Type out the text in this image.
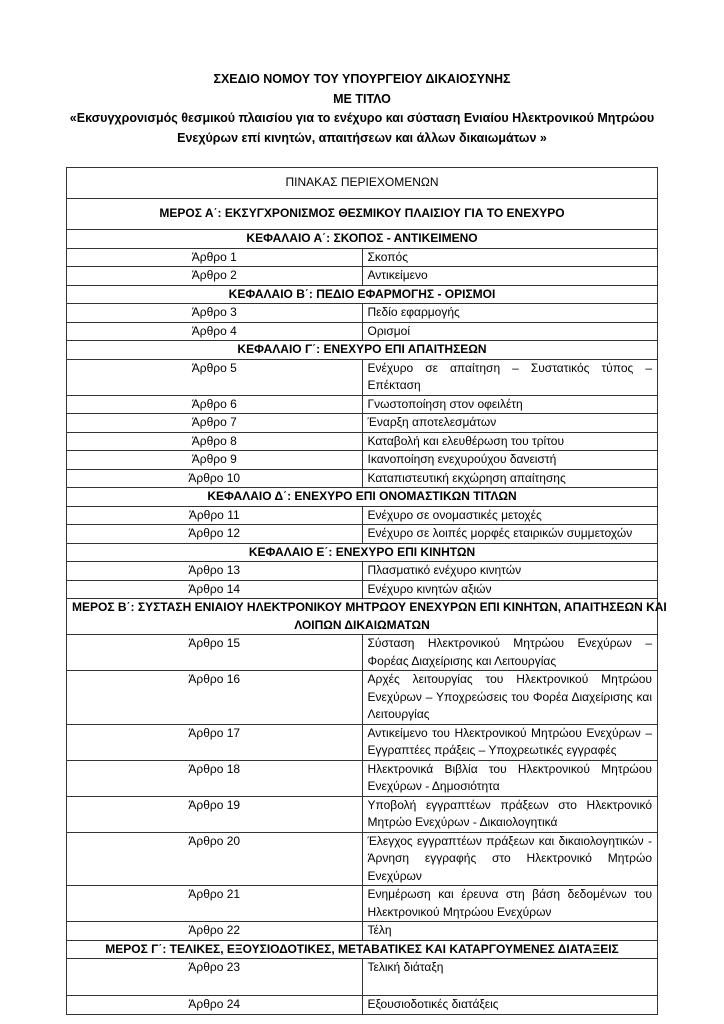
ΣΧΕΔΙΟ ΝΟΜΟΥ ΤΟΥ ΥΠΟΥΡΓΕΙΟΥ ΔΙΚΑΙΟΣΥΝΗΣ
ΜΕ ΤΙΤΛΟ
«Εκσυγχρονισμός θεσμικού πλαισίου για το ενέχυρο και σύσταση Ενιαίου Ηλεκτρονικού Μητρώου
Ενεχύρων επί κινητών, απαιτήσεων και άλλων δικαιωμάτων »
ΠΙΝΑΚΑΣ ΠΕΡΙΕΧΟΜΕΝΩΝ	
ΜΕΡΟΣ Α΄: ΕΚΣΥΓΧΡΟΝΙΣΜΟΣ ΘΕΣΜΙΚΟΥ ΠΛΑΙΣΙΟΥ ΓΙΑ ΤΟ ΕΝΕΧΥΡΟ	
ΚΕΦΑΛΑΙΟ Α΄: ΣΚΟΠΟΣ - ΑΝΤΙΚΕΙΜΕΝΟ	
Άρθρο 1	Σκοπός
Άρθρο 2	Αντικείμενο
ΚΕΦΑΛΑΙΟ Β΄: ΠΕΔΙΟ ΕΦΑΡΜΟΓΗΣ - ΟΡΙΣΜΟΙ	
Άρθρο 3	Πεδίο εφαρμογής
Άρθρο 4	Ορισμοί
ΚΕΦΑΛΑΙΟ Γ΄: ΕΝΕΧΥΡΟ ΕΠΙ ΑΠΑΙΤΗΣΕΩΝ	
Άρθρο 5	Ενέχυρο σε απαίτηση – Συστατικός τύπος – Επέκταση
Άρθρο 6	Γνωστοποίηση στον οφειλέτη
Άρθρο 7	Έναρξη αποτελεσμάτων
Άρθρο 8	Καταβολή και ελευθέρωση του τρίτου
Άρθρο 9	Ικανοποίηση ενεχυρούχου δανειστή
Άρθρο 10	Καταπιστευτική εκχώρηση απαίτησης
ΚΕΦΑΛΑΙΟ Δ΄: ΕΝΕΧΥΡΟ ΕΠΙ ΟΝΟΜΑΣΤΙΚΩΝ ΤΙΤΛΩΝ	
Άρθρο 11	Ενέχυρο σε ονομαστικές μετοχές
Άρθρο 12	Ενέχυρο σε λοιπές μορφές εταιρικών συμμετοχών
ΚΕΦΑΛΑΙΟ Ε΄: ΕΝΕΧΥΡΟ ΕΠΙ ΚΙΝΗΤΩΝ	
Άρθρο 13	Πλασματικό ενέχυρο κινητών
Άρθρο 14	Ενέχυρο κινητών αξιών

ΜΕΡΟΣ Β΄: ΣΥΣΤΑΣΗ ΕΝΙΑΙΟΥ ΗΛΕΚΤΡΟΝΙΚΟΥ ΜΗΤΡΩΟΥ ΕΝΕΧΥΡΩΝ ΕΠΙ ΚΙΝΗΤΩΝ, ΑΠΑΙΤΗΣΕΩΝ ΚΑΙ
ΛΟΙΠΩΝ ΔΙΚΑΙΩΜΑΤΩΝ	

Άρθρο 15	Σύσταση Ηλεκτρονικού Μητρώου Ενεχύρων – Φορέας Διαχείρισης και Λειτουργίας
Άρθρο 16	Αρχές λειτουργίας του Ηλεκτρονικού Μητρώου Ενεχύρων – Υποχρεώσεις του Φορέα Διαχείρισης και Λειτουργίας
Άρθρο 17	Αντικείμενο του Ηλεκτρονικού Μητρώου Ενεχύρων – Εγγραπτέες πράξεις – Υποχρεωτικές εγγραφές
Άρθρο 18	Ηλεκτρονικά Βιβλία του Ηλεκτρονικού Μητρώου Ενεχύρων - Δημοσιότητα
Άρθρο 19	Υποβολή εγγραπτέων πράξεων στο Ηλεκτρονικό Μητρώο Ενεχύρων - Δικαιολογητικά
Άρθρο 20	Έλεγχος εγγραπτέων πράξεων και δικαιολογητικών - Άρνηση εγγραφής στο Ηλεκτρονικό Μητρώο Ενεχύρων
Άρθρο 21	Ενημέρωση και έρευνα στη βάση δεδομένων του Ηλεκτρονικού Μητρώου Ενεχύρων
Άρθρο 22	Τέλη
ΜΕΡΟΣ Γ΄: ΤΕΛΙΚΕΣ, ΕΞΟΥΣΙΟΔΟΤΙΚΕΣ, ΜΕΤΑΒΑΤΙΚΕΣ ΚΑΙ ΚΑΤΑΡΓΟΥΜΕΝΕΣ ΔΙΑΤΑΞΕΙΣ	
Άρθρο 23	Τελική διάταξη
Άρθρο 24	Εξουσιοδοτικές διατάξεις
